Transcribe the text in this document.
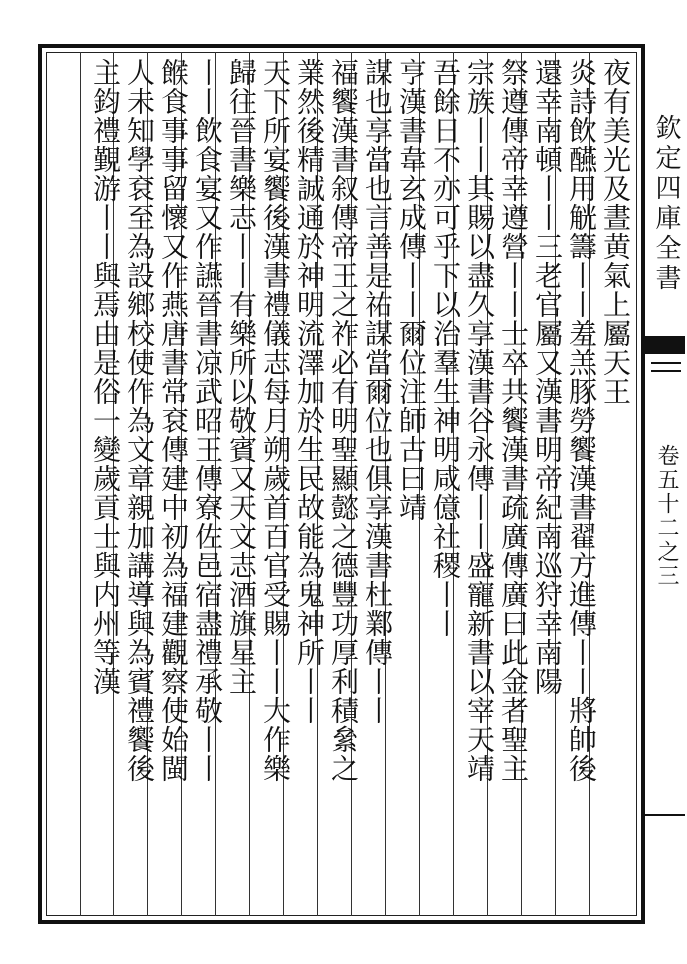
夜有美光及晝黄氣上屬天王
炎詩飲醼用觥籌丨丨羞羔豚勞饗漢書翟方進傳丨丨將帥後
還幸南頓丨丨三老官屬又漢書明帝紀南巡狩幸南陽
祭遵傳帝幸遵營丨丨士卒共饗漢書疏廣傳廣曰此金者聖主
宗族丨丨其賜以盡久享漢書谷永傳丨丨盛寵新書以宰天靖
吾餘日不亦可乎下以治羣生神明咸億社稷丨丨
亨漢書韋玄成傳丨丨爾位注師古曰靖
謀也享當也言善是祐謀當爾位也俱享漢書杜鄴傳丨丨
福饗漢書叙傳帝王之祚必有明聖顯懿之德豐功厚利積絫之
業然後精誠通於神明流澤加於生民故能為鬼神所丨丨
天下所宴饗後漢書禮儀志每月朔歲首百官受賜丨丨大作樂
歸往晉書樂志丨丨有樂所以敬賓又天文志酒旗星主
丨丨飲食宴又作讌晉書凉武昭王傳寮佐邑宿盡禮承敬丨丨
餱食事事留懷又作燕唐書常袞傳建中初為福建觀察使始閩
人未知學袞至為設鄉校使作為文章親加講導與為賓禮饗後
主鈞禮覲游丨丨與焉由是俗一變歲貢士與内州等漢	欽定四庫全書
卷五十二之三
